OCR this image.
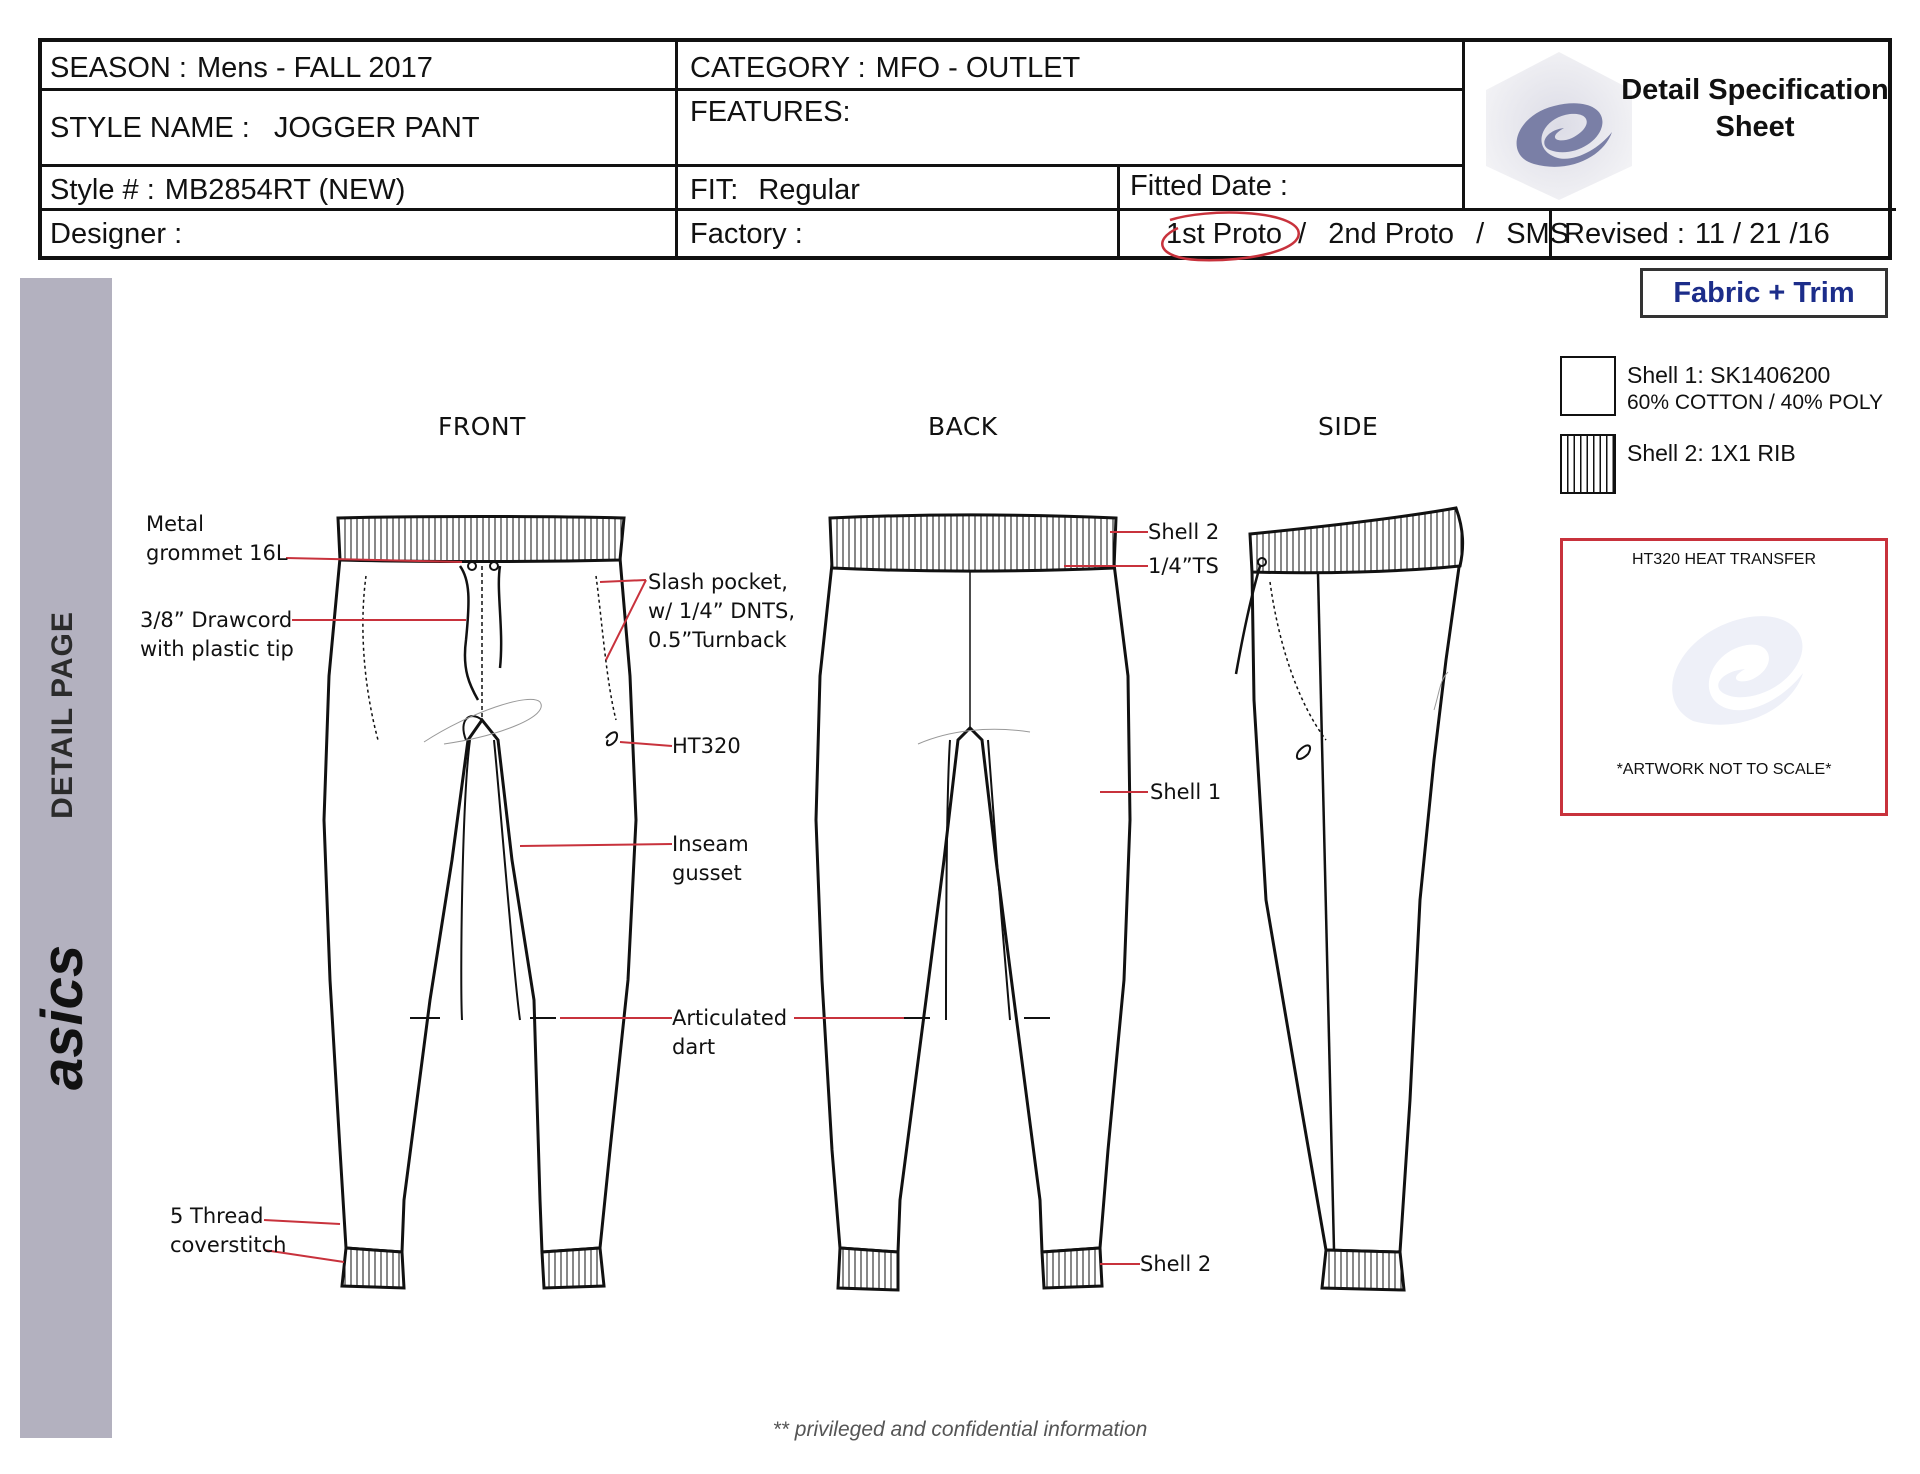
SEASON : Mens - FALL 2017
STYLE NAME : JOGGER PANT
Style # : MB2854RT (NEW)
Designer :
CATEGORY : MFO - OUTLET
FEATURES:
FIT: Regular	Fitted Date :
Factory :	1st Proto / 2nd Proto / SMS
Revised : 11 / 21 /16
Detail Specification
Sheet
DETAIL PAGE
asics
Fabric + Trim
Shell 1: SK1406200
60% COTTON / 40% POLY
Shell 2: 1X1 RIB
HT320 HEAT TRANSFER
*ARTWORK NOT TO SCALE*
FRONT	BACK	SIDE
Metal
grommet 16L
3/8” Drawcord
with plastic tip
Slash pocket,
w/ 1/4” DNTS,
0.5”Turnback
HT320
Inseam
gusset
Articulated
dart
5 Thread
coverstitch
Shell 2
1/4”TS
Shell 1
Shell 2
** privileged and confidential information
